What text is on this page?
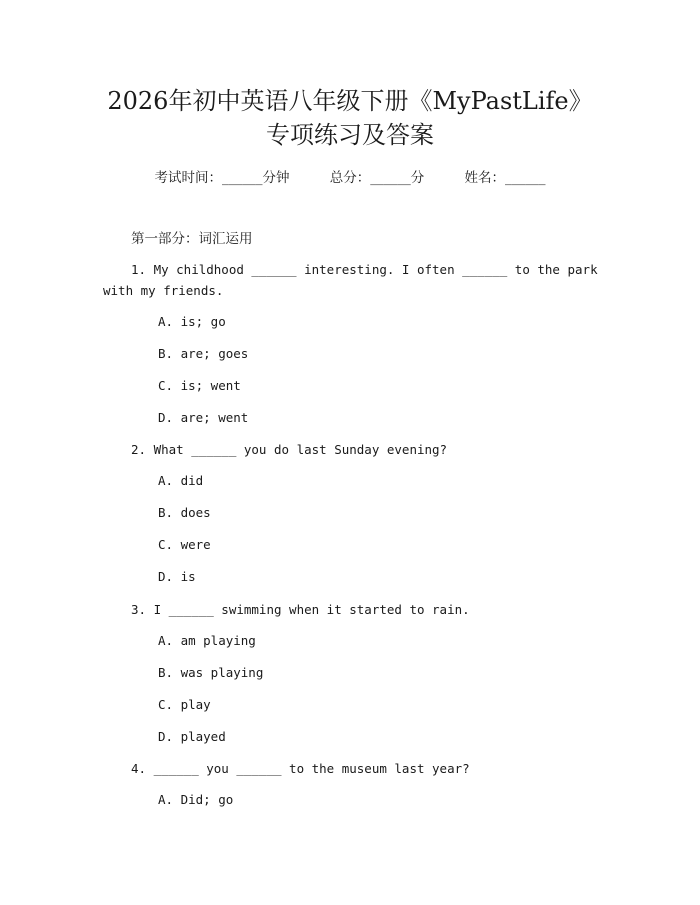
2026年初中英语八年级下册《MyPastLife》
专项练习及答案
考试时间：______分钟	总分：______分	姓名：______
第一部分：词汇运用
1. My childhood ______ interesting. I often ______ to the park with my friends.
A. is; go
B. are; goes
C. is; went
D. are; went
2. What ______ you do last Sunday evening?
A. did
B. does
C. were
D. is
3. I ______ swimming when it started to rain.
A. am playing
B. was playing
C. play
D. played
4. ______ you ______ to the museum last year?
A. Did; go
